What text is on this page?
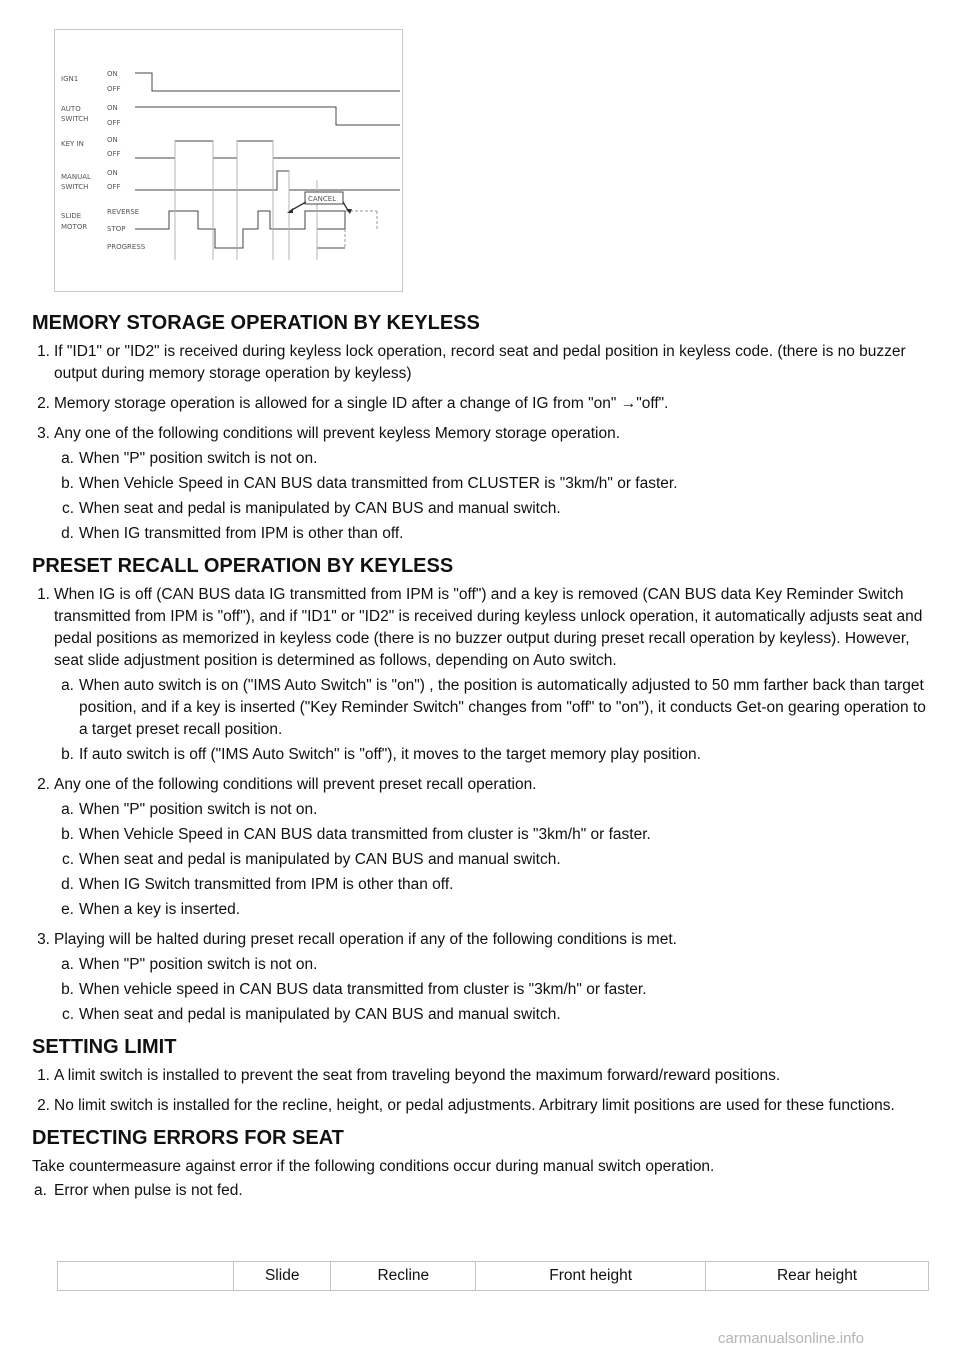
IGN1
AUTO
SWITCH
KEY IN
MANUAL
SWITCH
SLIDE
MOTOR
ON
OFF
ON
OFF
ON
OFF
ON
OFF
REVERSE
STOP
PROGRESS
CANCEL
MEMORY STORAGE OPERATION BY KEYLESS
1. If "ID1" or "ID2" is received during keyless lock operation, record seat and pedal position in keyless code. (there is no buzzer output during memory storage operation by keyless)
2. Memory storage operation is allowed for a single ID after a change of IG from "on" →"off".
3. Any one of the following conditions will prevent keyless Memory storage operation.
a. When "P" position switch is not on.
b. When Vehicle Speed in CAN BUS data transmitted from CLUSTER is "3km/h" or faster.
c. When seat and pedal is manipulated by CAN BUS and manual switch.
d. When IG transmitted from IPM is other than off.
PRESET RECALL OPERATION BY KEYLESS
1. When IG is off (CAN BUS data IG transmitted from IPM is "off") and a key is removed (CAN BUS data Key Reminder Switch transmitted from IPM is "off"), and if "ID1" or "ID2" is received during keyless unlock operation, it automatically adjusts seat and pedal positions as memorized in keyless code (there is no buzzer output during preset recall operation by keyless). However, seat slide adjustment position is determined as follows, depending on Auto switch.
a. When auto switch is on ("IMS Auto Switch" is "on") , the position is automatically adjusted to 50 mm farther back than target position, and if a key is inserted ("Key Reminder Switch" changes from "off" to "on"), it conducts Get-on gearing operation to a target preset recall position.
b. If auto switch is off ("IMS Auto Switch" is "off"), it moves to the target memory play position.
2. Any one of the following conditions will prevent preset recall operation.
a. When "P" position switch is not on.
b. When Vehicle Speed in CAN BUS data transmitted from cluster is "3km/h" or faster.
c. When seat and pedal is manipulated by CAN BUS and manual switch.
d. When IG Switch transmitted from IPM is other than off.
e. When a key is inserted.
3. Playing will be halted during preset recall operation if any of the following conditions is met.
a. When "P" position switch is not on.
b. When vehicle speed in CAN BUS data transmitted from cluster is "3km/h" or faster.
c. When seat and pedal is manipulated by CAN BUS and manual switch.
SETTING LIMIT
1. A limit switch is installed to prevent the seat from traveling beyond the maximum forward/reward positions.
2. No limit switch is installed for the recline, height, or pedal adjustments. Arbitrary limit positions are used for these functions.
DETECTING ERRORS FOR SEAT

Take countermeasure against error if the following conditions occur during manual switch operation.

a. Error when pulse is not fed.
	Slide	Recline	Front height	Rear height
carmanualsonline.info
